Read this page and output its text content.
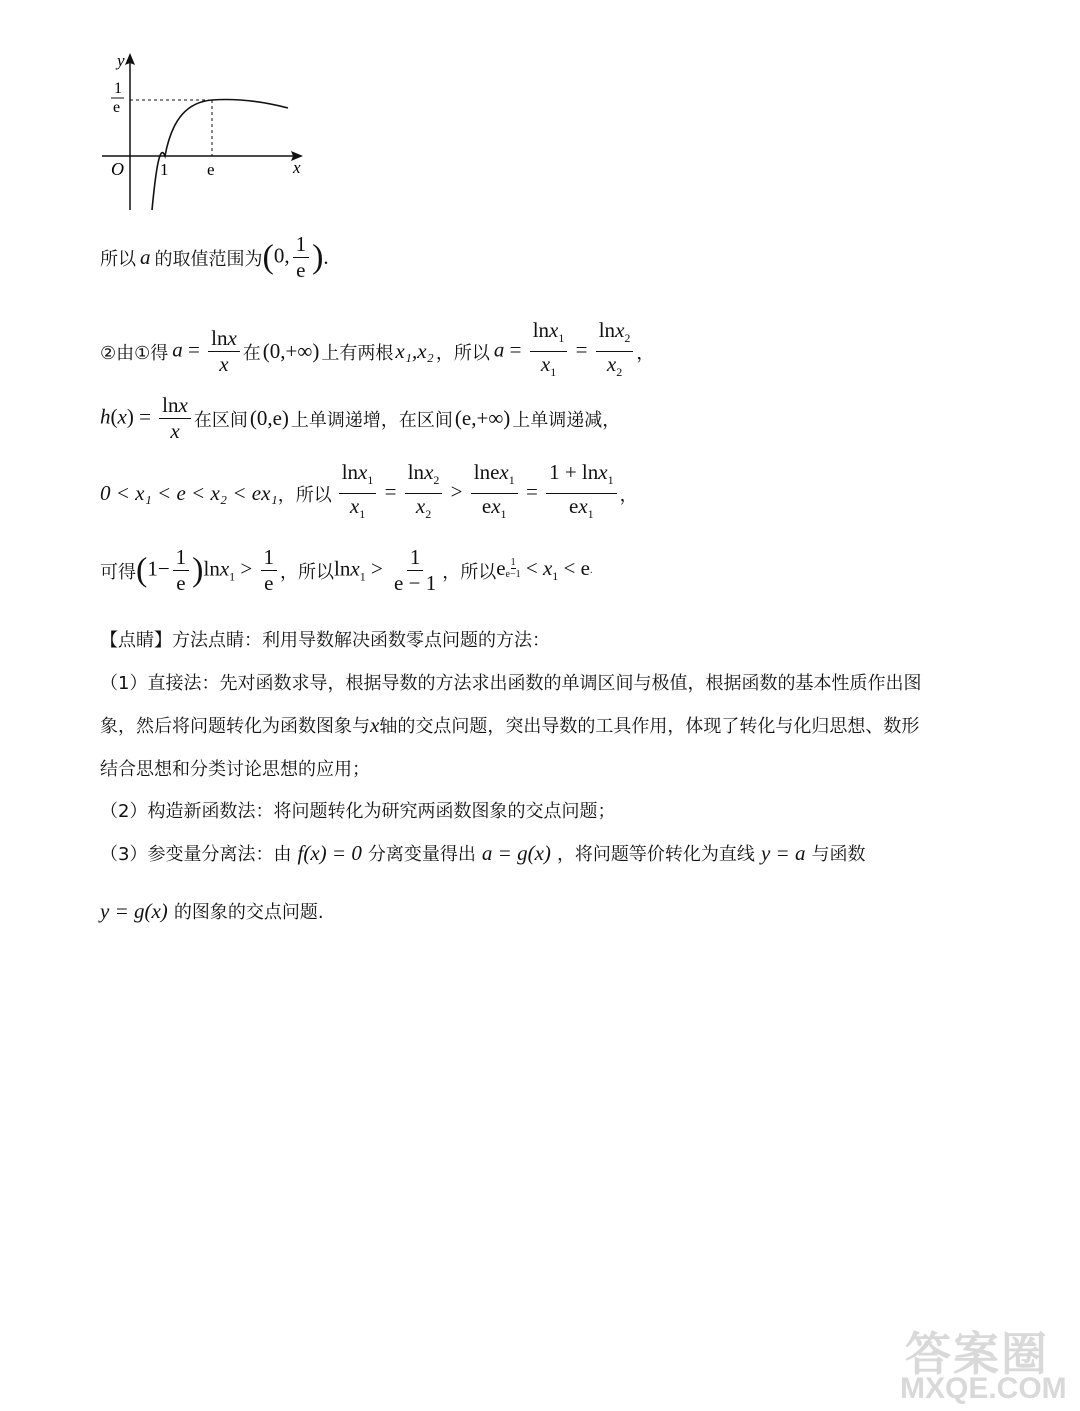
y
x
O
1
e
1 e
所以 a 的取值范围为 (0, $\frac{1}{e}$ ) .
②由①得 $a = \frac{\ln x}{x}$ 在 (0,+∞) 上有两根 x₁,x₂ ，所以 $a = \frac{\ln x_1}{x_1} = \frac{\ln x_2}{x_2}$ ，
$h(x) = \frac{\ln x}{x}$ 在区间 (0,e) 上单调递增，在区间 (e,+∞) 上单调递减，
0 < x₁ < e < x₂ < ex₁ ，所以 $\frac{\ln x_1}{x_1} = \frac{\ln x_2}{x_2} > \frac{lnex_1}{ex_1} = \frac{1 + \ln x_1}{ex_1}$ ，
可得 $(1- \frac{1}{e} )\ln x_1 > \frac{1}{e}$ ，所以 $\ln x_1 > \frac{1}{e - 1}$ ，所以 e $^{\frac{1}{e-1}} < x_1 < e$ .
【点睛】方法点睛：利用导数解决函数零点问题的方法：
（1）直接法：先对函数求导，根据导数的方法求出函数的单调区间与极值，根据函数的基本性质作出图
象，然后将问题转化为函数图象与x轴的交点问题，突出导数的工具作用，体现了转化与化归思想、数形
结合思想和分类讨论思想的应用；
（2）构造新函数法：将问题转化为研究两函数图象的交点问题；
（3）参变量分离法：由 f(x) = 0 分离变量得出 a = g(x) ，将问题等价转化为直线 y = a 与函数
y = g(x) 的图象的交点问题.
答案圈
MXQE.COM
